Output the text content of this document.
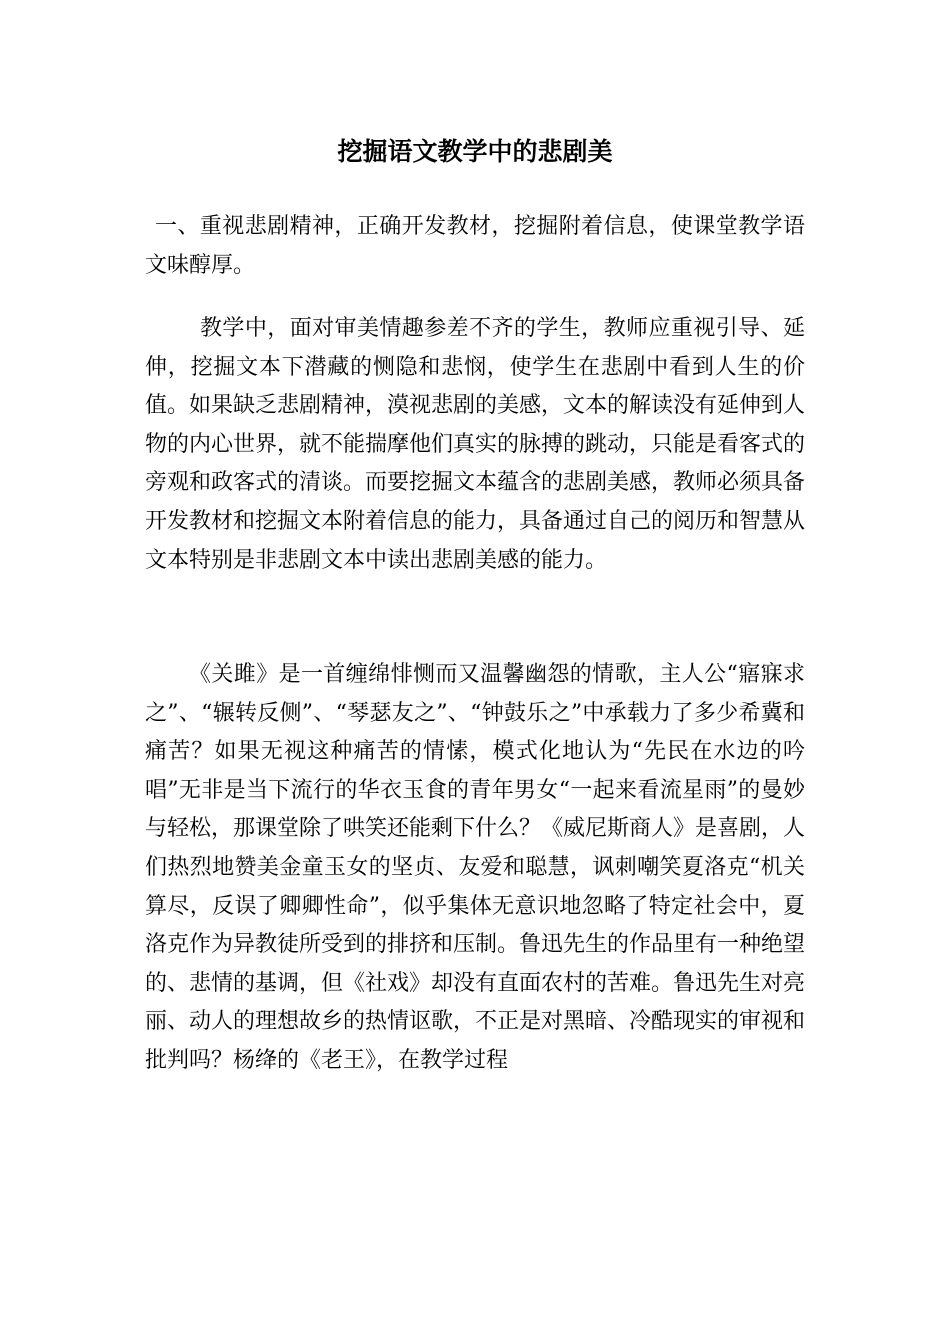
挖掘语文教学中的悲剧美

一、重视悲剧精神，正确开发教材，挖掘附着信息，使课堂教学语文味醇厚。

教学中，面对审美情趣参差不齐的学生，教师应重视引导、延伸，挖掘文本下潜藏的恻隐和悲悯，使学生在悲剧中看到人生的价值。如果缺乏悲剧精神，漠视悲剧的美感，文本的解读没有延伸到人物的内心世界，就不能揣摩他们真实的脉搏的跳动，只能是看客式的旁观和政客式的清谈。而要挖掘文本蕴含的悲剧美感，教师必须具备开发教材和挖掘文本附着信息的能力，具备通过自己的阅历和智慧从文本特别是非悲剧文本中读出悲剧美感的能力。

《关雎》是一首缠绵悱恻而又温馨幽怨的情歌，主人公“寤寐求之”、“辗转反侧”、“琴瑟友之”、“钟鼓乐之”中承载力了多少希冀和痛苦？如果无视这种痛苦的情愫，模式化地认为“先民在水边的吟唱”无非是当下流行的华衣玉食的青年男女“一起来看流星雨”的曼妙与轻松，那课堂除了哄笑还能剩下什么？《威尼斯商人》是喜剧，人们热烈地赞美金童玉女的坚贞、友爱和聪慧，讽刺嘲笑夏洛克“机关算尽，反误了卿卿性命”，似乎集体无意识地忽略了特定社会中，夏洛克作为异教徒所受到的排挤和压制。鲁迅先生的作品里有一种绝望的、悲情的基调，但《社戏》却没有直面农村的苦难。鲁迅先生对亮丽、动人的理想故乡的热情讴歌，不正是对黑暗、冷酷现实的审视和批判吗？杨绛的《老王》，在教学过程
